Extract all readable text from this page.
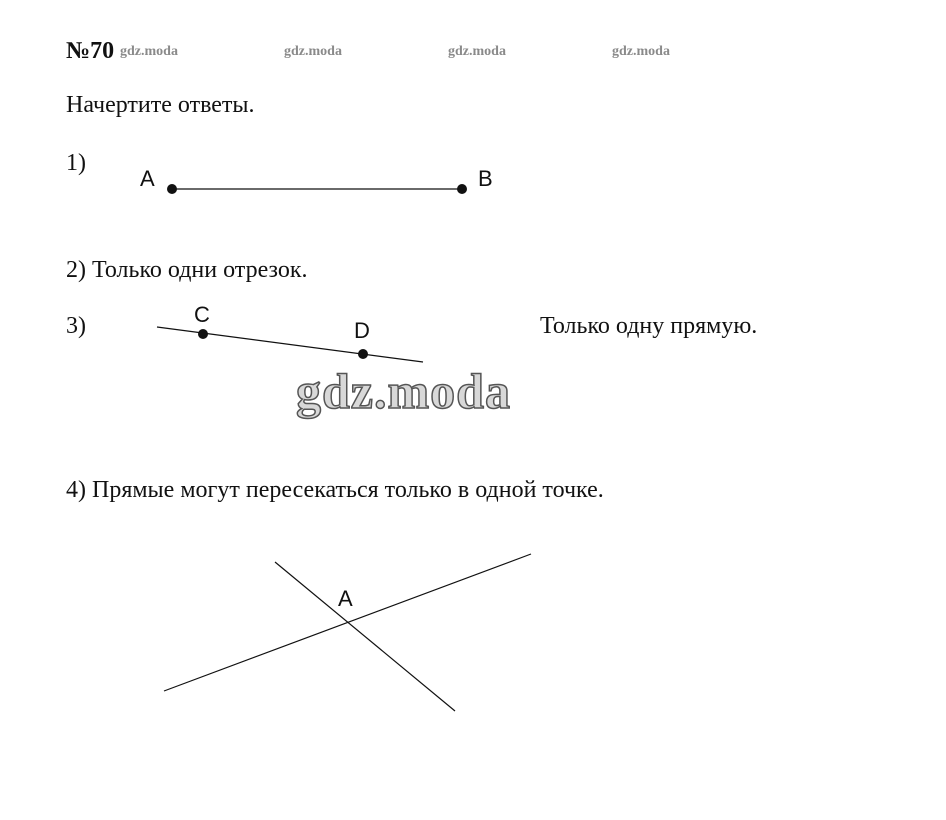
№70 gdz.moda	gdz.moda	gdz.moda	gdz.moda
Начертите ответы.
1)
A	B
2) Только одни отрезок.
3)	C
D	Только одну прямую.
gdz.moda
4) Прямые могут пересекаться только в одной точке.
A
